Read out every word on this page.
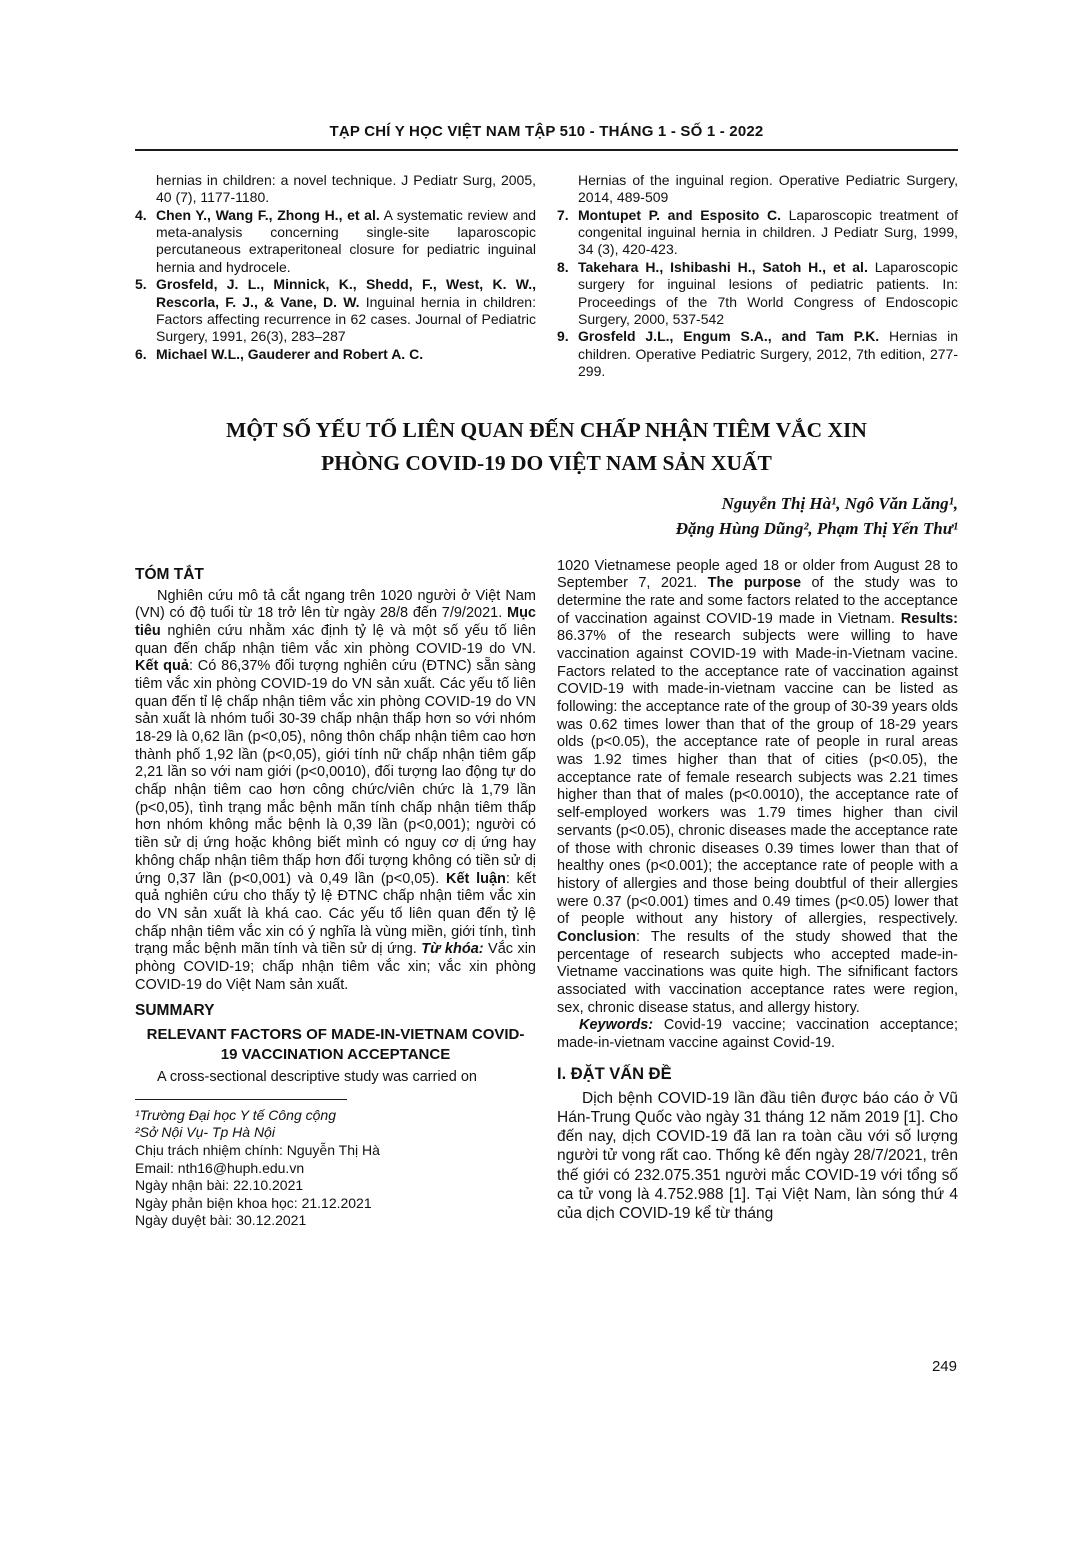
TẠP CHÍ Y HỌC VIỆT NAM TẬP 510 - THÁNG 1 - SỐ 1 - 2022

hernias in children: a novel technique. J Pediatr Surg, 2005, 40 (7), 1177-1180.

4. Chen Y., Wang F., Zhong H., et al. A systematic review and meta-analysis concerning single-site laparoscopic percutaneous extraperitoneal closure for pediatric inguinal hernia and hydrocele.

5. Grosfeld, J. L., Minnick, K., Shedd, F., West, K. W., Rescorla, F. J., & Vane, D. W. Inguinal hernia in children: Factors affecting recurrence in 62 cases. Journal of Pediatric Surgery, 1991, 26(3), 283–287

6. Michael W.L., Gauderer and Robert A. C.

Hernias of the inguinal region. Operative Pediatric Surgery, 2014, 489-509

7. Montupet P. and Esposito C. Laparoscopic treatment of congenital inguinal hernia in children. J Pediatr Surg, 1999, 34 (3), 420-423.

8. Takehara H., Ishibashi H., Satoh H., et al. Laparoscopic surgery for inguinal lesions of pediatric patients. In: Proceedings of the 7th World Congress of Endoscopic Surgery, 2000, 537-542

9. Grosfeld J.L., Engum S.A., and Tam P.K. Hernias in children. Operative Pediatric Surgery, 2012, 7th edition, 277-299.

MỘT SỐ YẾU TỐ LIÊN QUAN ĐẾN CHẤP NHẬN TIÊM VẮC XIN
PHÒNG COVID-19 DO VIỆT NAM SẢN XUẤT
Nguyễn Thị Hà¹, Ngô Văn Lăng¹,
Đặng Hùng Dũng², Phạm Thị Yến Thư¹
TÓM TẮT

Nghiên cứu mô tả cắt ngang trên 1020 người ở Việt Nam (VN) có độ tuổi từ 18 trở lên từ ngày 28/8 đến 7/9/2021. Mục tiêu nghiên cứu nhằm xác định tỷ lệ và một số yếu tố liên quan đến chấp nhận tiêm vắc xin phòng COVID-19 do VN. Kết quả: Có 86,37% đối tượng nghiên cứu (ĐTNC) sẵn sàng tiêm vắc xin phòng COVID-19 do VN sản xuất. Các yếu tố liên quan đến tỉ lệ chấp nhận tiêm vắc xin phòng COVID-19 do VN sản xuất là nhóm tuổi 30-39 chấp nhận thấp hơn so với nhóm 18-29 là 0,62 lần (p<0,05), nông thôn chấp nhận tiêm cao hơn thành phố 1,92 lần (p<0,05), giới tính nữ chấp nhận tiêm gấp 2,21 lần so với nam giới (p<0,0010), đối tượng lao động tự do chấp nhận tiêm cao hơn công chức/viên chức là 1,79 lần (p<0,05), tình trạng mắc bệnh mãn tính chấp nhận tiêm thấp hơn nhóm không mắc bệnh là 0,39 lần (p<0,001); người có tiền sử dị ứng hoặc không biết mình có nguy cơ dị ứng hay không chấp nhận tiêm thấp hơn đối tượng không có tiền sử dị ứng 0,37 lần (p<0,001) và 0,49 lần (p<0,05). Kết luận: kết quả nghiên cứu cho thấy tỷ lệ ĐTNC chấp nhận tiêm vắc xin do VN sản xuất là khá cao. Các yếu tố liên quan đến tỷ lệ chấp nhận tiêm vắc xin có ý nghĩa là vùng miền, giới tính, tình trạng mắc bệnh mãn tính và tiền sử dị ứng. Từ khóa: Vắc xin phòng COVID-19; chấp nhận tiêm vắc xin; vắc xin phòng COVID-19 do Việt Nam sản xuất.

SUMMARY
RELEVANT FACTORS OF MADE-IN-VIETNAM COVID-19 VACCINATION ACCEPTANCE

A cross-sectional descriptive study was carried on

¹Trường Đại học Y tế Công cộng
²Sở Nội Vụ- Tp Hà Nội
Chịu trách nhiệm chính: Nguyễn Thị Hà
Email: nth16@huph.edu.vn
Ngày nhận bài: 22.10.2021
Ngày phản biện khoa học: 21.12.2021
Ngày duyệt bài: 30.12.2021

1020 Vietnamese people aged 18 or older from August 28 to September 7, 2021. The purpose of the study was to determine the rate and some factors related to the acceptance of vaccination against COVID-19 made in Vietnam. Results: 86.37% of the research subjects were willing to have vaccination against COVID-19 with Made-in-Vietnam vacine. Factors related to the acceptance rate of vaccination against COVID-19 with made-in-vietnam vaccine can be listed as following: the acceptance rate of the group of 30-39 years olds was 0.62 times lower than that of the group of 18-29 years olds (p<0.05), the acceptance rate of people in rural areas was 1.92 times higher than that of cities (p<0.05), the acceptance rate of female research subjects was 2.21 times higher than that of males (p<0.0010), the acceptance rate of self-employed workers was 1.79 times higher than civil servants (p<0.05), chronic diseases made the acceptance rate of those with chronic diseases 0.39 times lower than that of healthy ones (p<0.001); the acceptance rate of people with a history of allergies and those being doubtful of their allergies were 0.37 (p<0.001) times and 0.49 times (p<0.05) lower that of people without any history of allergies, respectively. Conclusion: The results of the study showed that the percentage of research subjects who accepted made-in-Vietname vaccinations was quite high. The sifnificant factors associated with vaccination acceptance rates were region, sex, chronic disease status, and allergy history.

Keywords: Covid-19 vaccine; vaccination acceptance; made-in-vietnam vaccine against Covid-19.

I. ĐẶT VẤN ĐỀ

Dịch bệnh COVID-19 lần đầu tiên được báo cáo ở Vũ Hán-Trung Quốc vào ngày 31 tháng 12 năm 2019 [1]. Cho đến nay, dịch COVID-19 đã lan ra toàn cầu với số lượng người tử vong rất cao. Thống kê đến ngày 28/7/2021, trên thế giới có 232.075.351 người mắc COVID-19 với tổng số ca tử vong là 4.752.988 [1]. Tại Việt Nam, làn sóng thứ 4 của dịch COVID-19 kể từ tháng

249
